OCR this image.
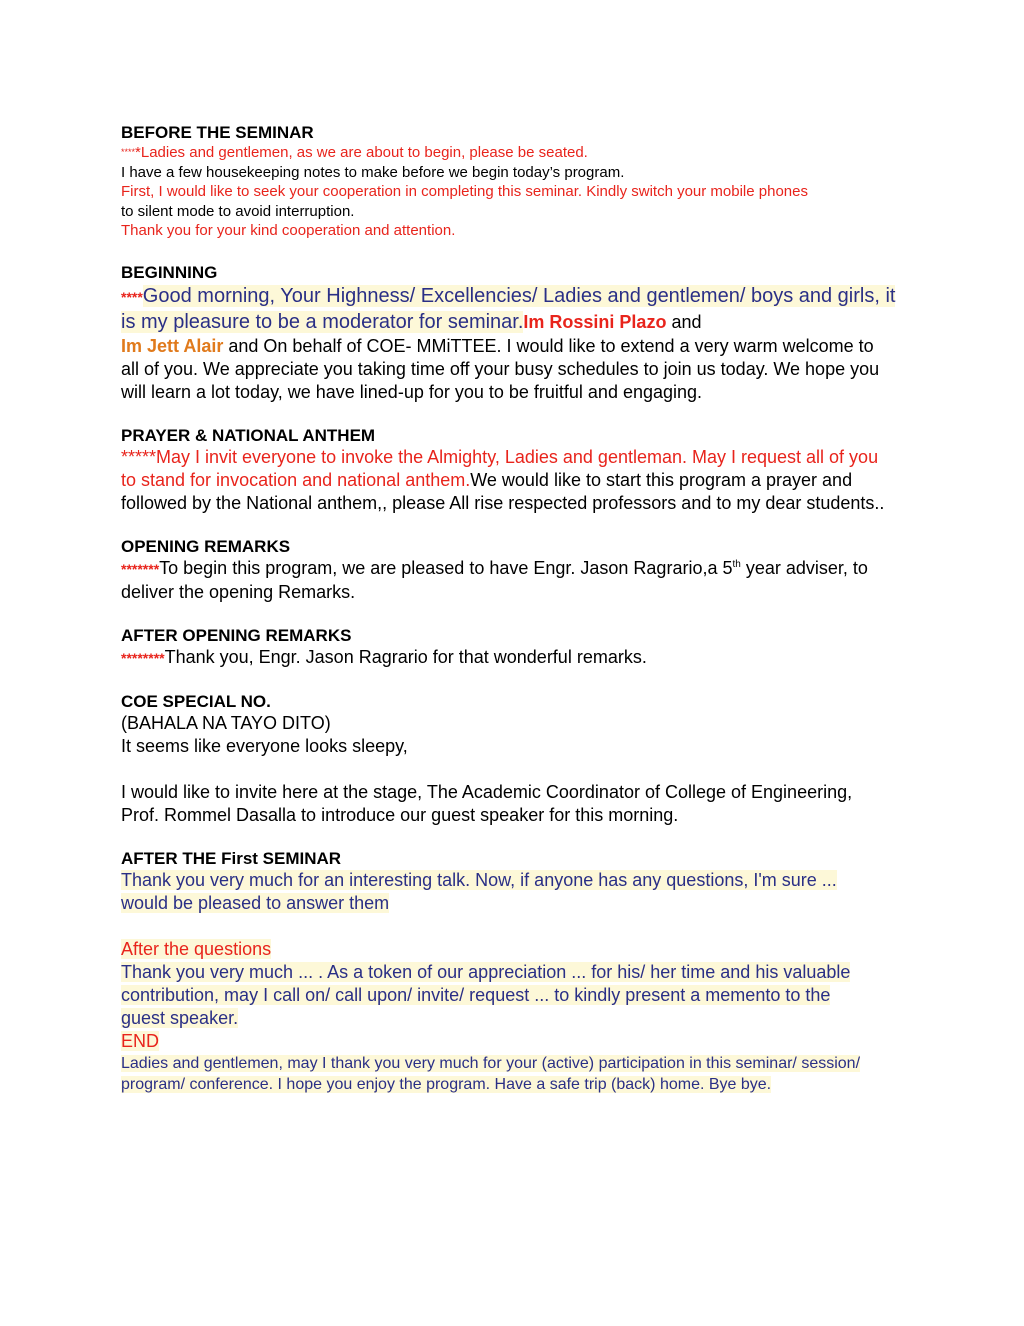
BEFORE THE SEMINAR
*****Ladies and gentlemen, as we are about to begin, please be seated.
I have a few housekeeping notes to make before we begin today’s program.
First, I would like to seek your cooperation in completing this seminar. Kindly switch your mobile phones
to silent mode to avoid interruption.
Thank you for your kind cooperation and attention.
BEGINNING
****Good morning, Your Highness/ Excellencies/ Ladies and gentlemen/ boys and girls, it is my pleasure to be a moderator for seminar.Im Rossini Plazo and
Im Jett Alair and On behalf of COE- MMiTTEE. I would like to extend a very warm welcome to all of you. We appreciate you taking time off your busy schedules to join us today. We hope you will learn a lot today, we have lined-up for you to be fruitful and engaging.
PRAYER & NATIONAL ANTHEM
*****May I invit everyone to invoke the Almighty, Ladies and gentleman. May I request all of you to stand for invocation and national anthem.We would like to start this program a prayer and followed by the National anthem,, please All rise respected professors and to my dear students..
OPENING REMARKS
*******To begin this program, we are pleased to have Engr. Jason Ragrario,a 5th year adviser, to deliver the opening Remarks.
AFTER OPENING REMARKS
********Thank you, Engr. Jason Ragrario for that wonderful remarks.
COE SPECIAL NO.
(BAHALA NA TAYO DITO)
It seems like everyone looks sleepy,
I would like to invite here at the stage, The Academic Coordinator of College of Engineering, Prof. Rommel Dasalla to introduce our guest speaker for this morning.
AFTER THE First SEMINAR
Thank you very much for an interesting talk. Now, if anyone has any questions, I'm sure ... would be pleased to answer them
After the questions
Thank you very much ... . As a token of our appreciation ... for his/ her time and his valuable contribution, may I call on/ call upon/ invite/ request ... to kindly present a memento to the guest speaker.
END
Ladies and gentlemen, may I thank you very much for your (active) participation in this seminar/ session/ program/ conference. I hope you enjoy the program. Have a safe trip (back) home. Bye bye.
